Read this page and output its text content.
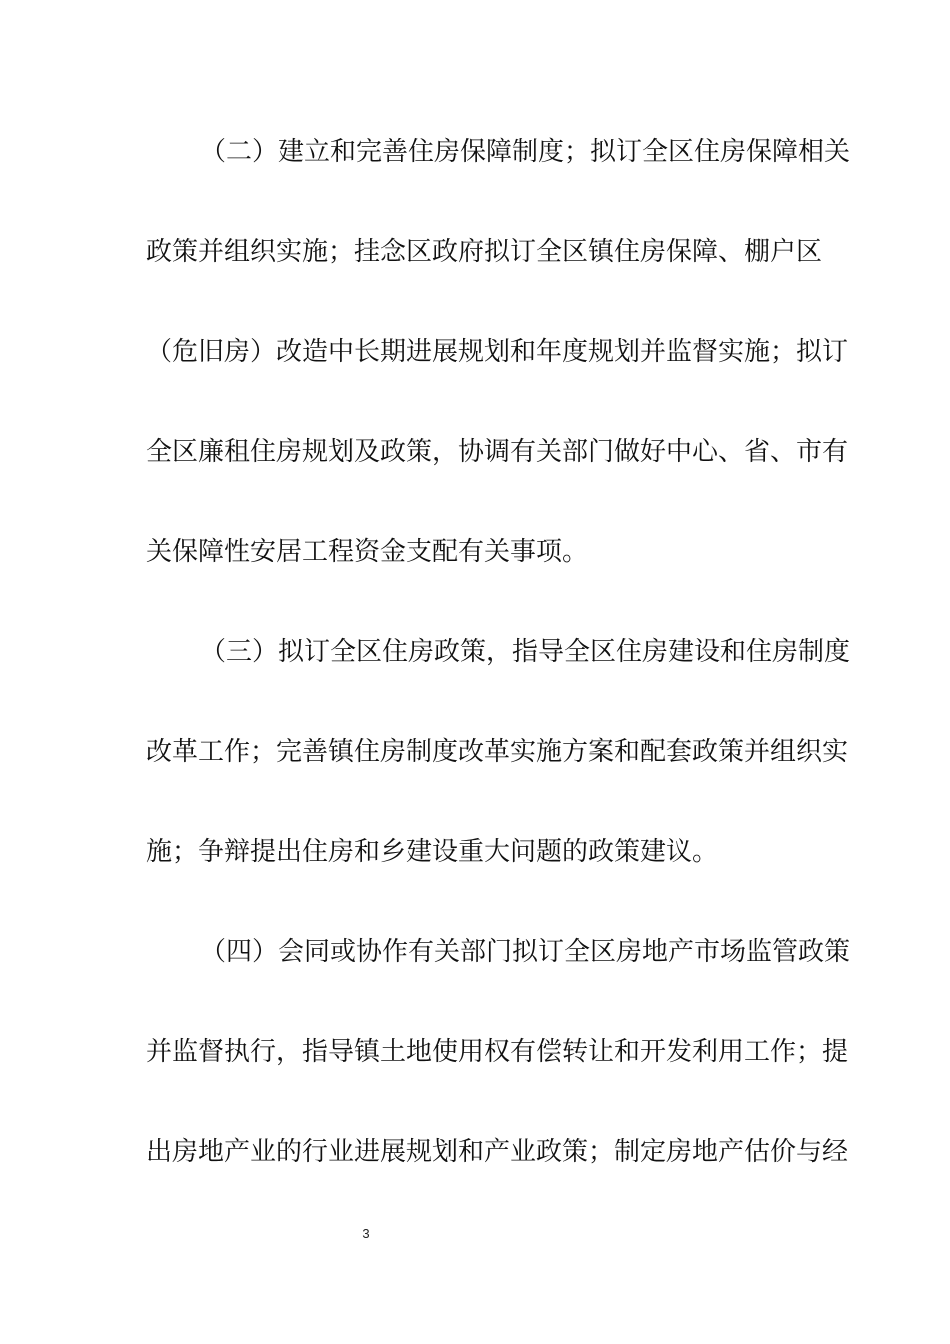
（二）建立和完善住房保障制度；拟订全区住房保障相关
政策并组织实施；挂念区政府拟订全区镇住房保障、棚户区
（危旧房）改造中长期进展规划和年度规划并监督实施；拟订
全区廉租住房规划及政策，协调有关部门做好中心、省、市有
关保障性安居工程资金支配有关事项。
（三）拟订全区住房政策，指导全区住房建设和住房制度
改革工作；完善镇住房制度改革实施方案和配套政策并组织实
施；争辩提出住房和乡建设重大问题的政策建议。
（四）会同或协作有关部门拟订全区房地产市场监管政策
并监督执行，指导镇土地使用权有偿转让和开发利用工作；提
出房地产业的行业进展规划和产业政策；制定房地产估价与经
3
